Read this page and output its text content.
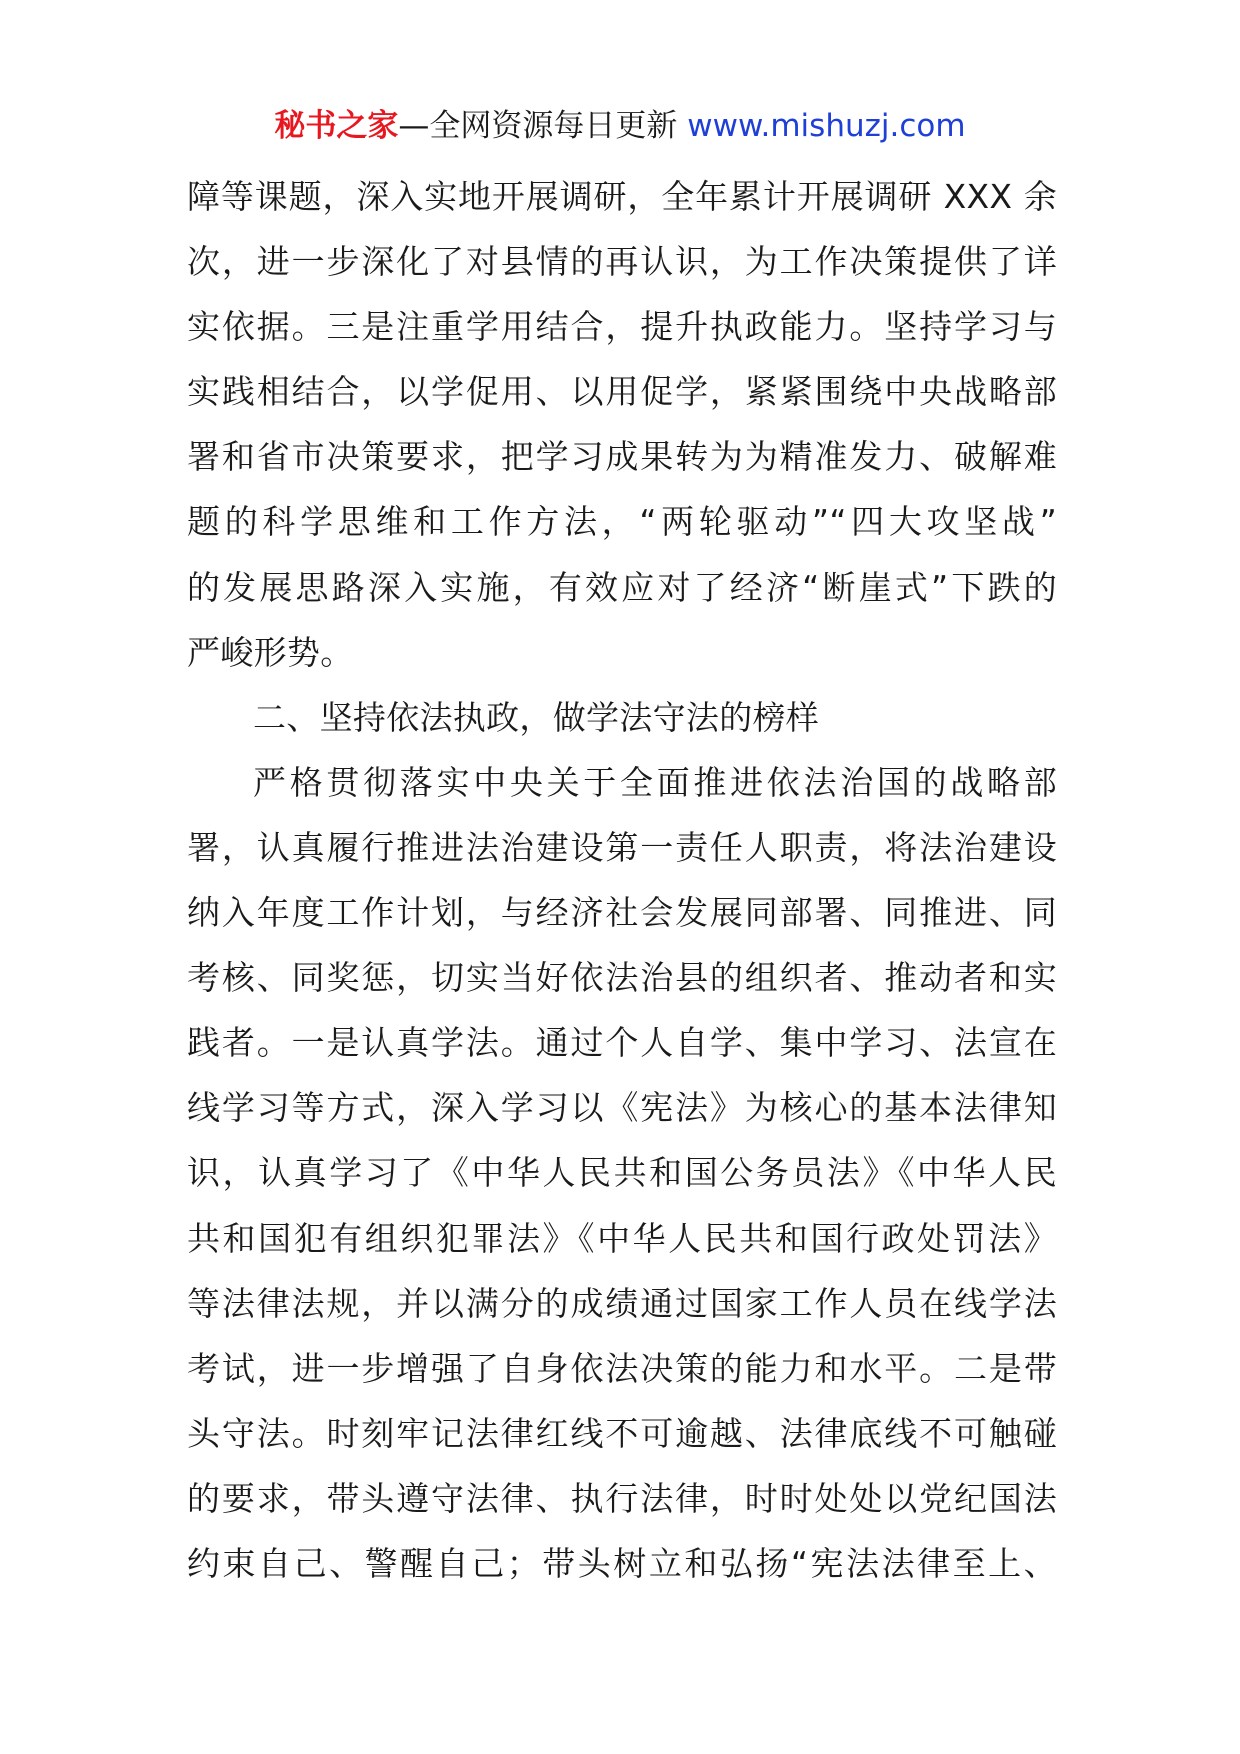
秘书之家—全网资源每日更新 www.mishuzj.com
障等课题，深入实地开展调研，全年累计开展调研 XXX 余
次，进一步深化了对县情的再认识，为工作决策提供了详
实依据。三是注重学用结合，提升执政能力。坚持学习与
实践相结合，以学促用、以用促学，紧紧围绕中央战略部
署和省市决策要求，把学习成果转为为精准发力、破解难
题的科学思维和工作方法，“两轮驱动”“四大攻坚战”
的发展思路深入实施，有效应对了经济“断崖式”下跌的
严峻形势。
二、坚持依法执政，做学法守法的榜样
严格贯彻落实中央关于全面推进依法治国的战略部
署，认真履行推进法治建设第一责任人职责，将法治建设
纳入年度工作计划，与经济社会发展同部署、同推进、同
考核、同奖惩，切实当好依法治县的组织者、推动者和实
践者。一是认真学法。通过个人自学、集中学习、法宣在
线学习等方式，深入学习以《宪法》为核心的基本法律知
识，认真学习了《中华人民共和国公务员法》《中华人民
共和国犯有组织犯罪法》《中华人民共和国行政处罚法》
等法律法规，并以满分的成绩通过国家工作人员在线学法
考试，进一步增强了自身依法决策的能力和水平。二是带
头守法。时刻牢记法律红线不可逾越、法律底线不可触碰
的要求，带头遵守法律、执行法律，时时处处以党纪国法
约束自己、警醒自己；带头树立和弘扬“宪法法律至上、
